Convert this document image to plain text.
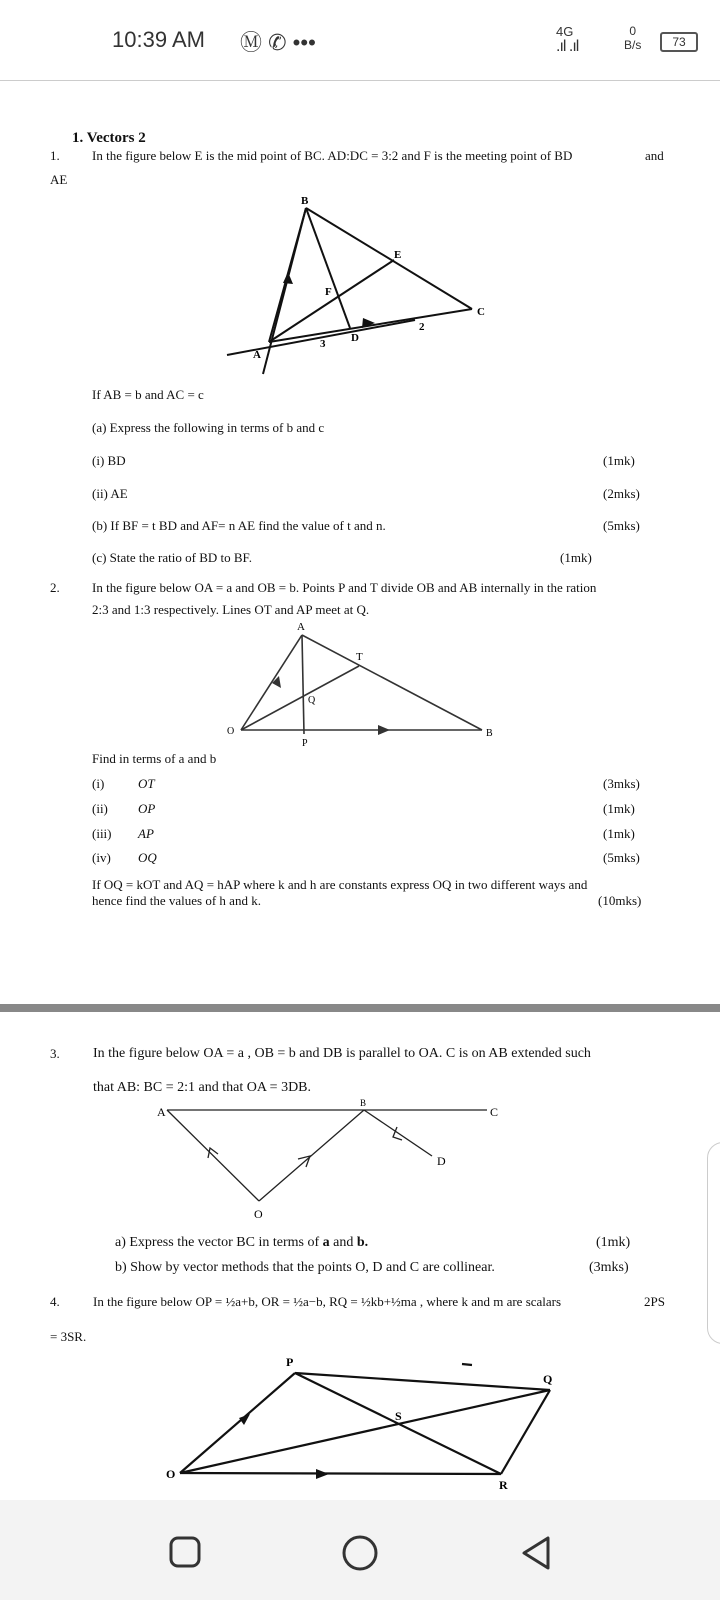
10:39 AM Ⓜ ✆ •••	4G
.ıl .ıl
0
B/s	73
1. Vectors 2
1. In the figure below E is the mid point of BC. AD:DC = 3:2 and F is the meeting point of BD	and
AE
B
E
F
C
D
A
3
2
If AB = b and AC = c
(a) Express the following in terms of b and c
(i) BD	(1mk)
(ii) AE	(2mks)
(b) If BF = t BD and AF= n AE find the value of t and n.	(5mks)
(c) State the ratio of BD to BF.	(1mk)
2. In the figure below OA = a and OB = b. Points P and T divide OB and AB internally in the ration
2:3 and 1:3 respectively. Lines OT and AP meet at Q.
A
T
Q
O
P
B
Find in terms of a and b
(i)	OT	(3mks)
(ii) OP	(1mk)
(iii) AP	(1mk)
(iv) OQ	(5mks)
If OQ = kOT and AQ = hAP where k and h are constants express OQ in two different ways and
hence find the values of h and k.	(10mks)
3. In the figure below OA = a , OB = b and DB is parallel to OA. C is on AB extended such
that AB: BC = 2:1 and that OA = 3DB.
A
B
C
D
O
a) Express the vector BC in terms of a and b.	(1mk)
b) Show by vector methods that the points O, D and C are collinear.	(3mks)
4.	In the figure below OP = ½a+b, OR = ½a−b, RQ = ½kb+½ma , where k and m are scalars	2PS
= 3SR.
P
Q
S
O
R
